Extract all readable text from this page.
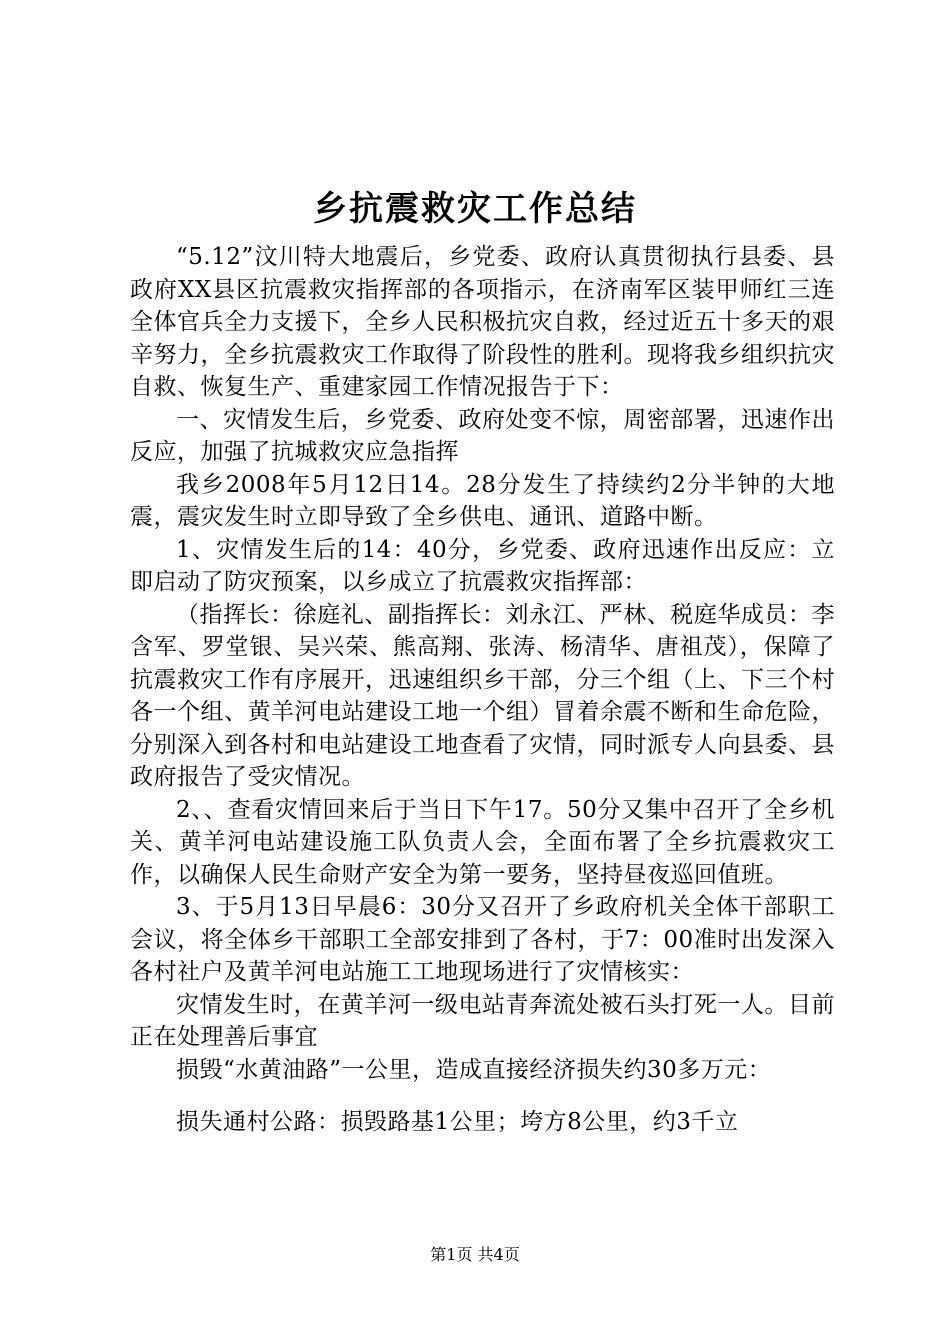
乡抗震救灾工作总结

“5.12”汶川特大地震后，乡党委、政府认真贯彻执行县委、县政府XX县区抗震救灾指挥部的各项指示，在济南军区装甲师红三连全体官兵全力支援下，全乡人民积极抗灾自救，经过近五十多天的艰辛努力，全乡抗震救灾工作取得了阶段性的胜利。现将我乡组织抗灾自救、恢复生产、重建家园工作情况报告于下：

一、灾情发生后，乡党委、政府处变不惊，周密部署，迅速作出反应，加强了抗城救灾应急指挥

我乡2008年5月12日14。28分发生了持续约2分半钟的大地震，震灾发生时立即导致了全乡供电、通讯、道路中断。

1、灾情发生后的14：40分，乡党委、政府迅速作出反应：立即启动了防灾预案，以乡成立了抗震救灾指挥部：

（指挥长：徐庭礼、副指挥长：刘永江、严林、税庭华成员：李含军、罗堂银、吴兴荣、熊高翔、张涛、杨清华、唐祖茂），保障了抗震救灾工作有序展开，迅速组织乡干部，分三个组（上、下三个村各一个组、黄羊河电站建设工地一个组）冒着余震不断和生命危险，分别深入到各村和电站建设工地查看了灾情，同时派专人向县委、县政府报告了受灾情况。

2、、查看灾情回来后于当日下午17。50分又集中召开了全乡机关、黄羊河电站建设施工队负责人会，全面布署了全乡抗震救灾工作，以确保人民生命财产安全为第一要务，坚持昼夜巡回值班。

3、于5月13日早晨6：30分又召开了乡政府机关全体干部职工会议，将全体乡干部职工全部安排到了各村，于7：00准时出发深入各村社户及黄羊河电站施工工地现场进行了灾情核实：

灾情发生时，在黄羊河一级电站青奔流处被石头打死一人。目前正在处理善后事宜

损毁“水黄油路”一公里，造成直接经济损失约30多万元：

损失通村公路：损毁路基1公里；垮方8公里，约3千立

第1页 共4页
